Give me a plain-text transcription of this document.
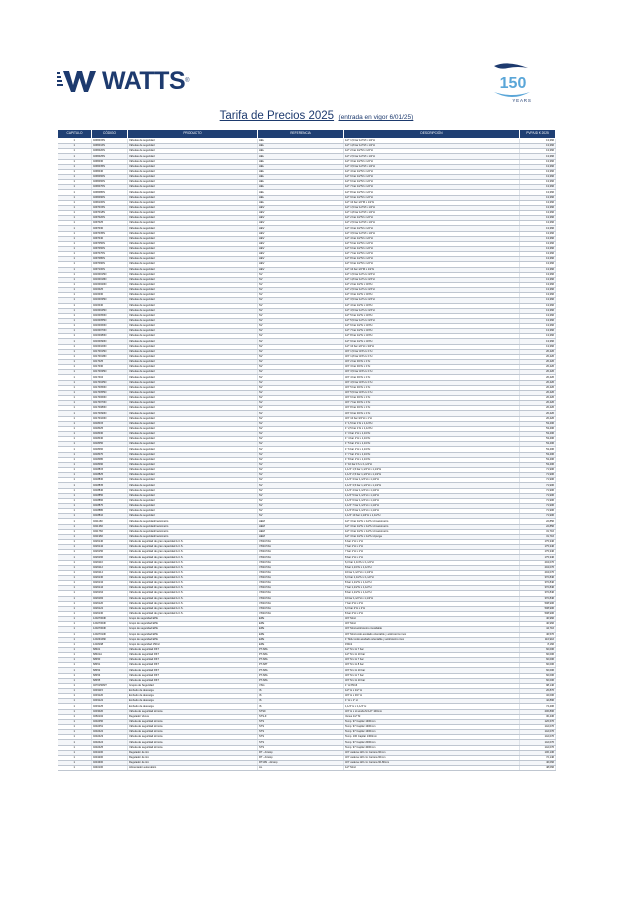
WATTS ®	150
YEARS
Tarifa de Precios 2025 (entrada en vigor 6/01/25)
CAPITULO	CÓDIGO	PRODUCTO	REFERENCIA	DESCRIPCIÓN	PVP/UD € 2025
1	0296015N	Válvulas de seguridad	HEL	1/2" 1,5 bar 1/2"M x 1/2"H	13,36€
1	0296016N	Válvulas de seguridad	HEL	1/2" 1,8 bar 1/2"M x 1/2"H	13,36€
1	0296020N	Válvulas de seguridad	HEL	1/2" 2 bar 1/2"M x 1/2"H	13,36€
1	0296025N	Válvulas de seguridad	HEL	1/2" 2,5 bar 1/2"M x 1/2"H	13,36€
1	0296030	Válvulas de seguridad	HEL	1/2" 3 bar 1/2"M x 1/2"H	13,36€
1	0296035N	Válvulas de seguridad	HEL	1/2" 3,5 bar 1/2"M x 1/2"H	13,36€
1	0296040	Válvulas de seguridad	HEL	1/2" 4 bar 1/2"M x 1/2"H	13,36€
1	0296060N	Válvulas de seguridad	HEL	1/2" 6 bar 1/2"M x 1/2"H	13,36€
1	0296060N	Válvulas de seguridad	HEL	1/2" 6 bar 1/2"M x 1/2"H	13,36€
1	0296070N	Válvulas de seguridad	HEL	1/2" 7 bar 1/2"M x 1/2"H	13,36€
1	0296080N	Válvulas de seguridad	HEL	1/2" 8 bar 1/2"M x 1/2"H	13,36€
1	0296090N	Válvulas de seguridad	HEL	1/2" 9 bar 1/2"M x 1/2"H	13,36€
1	0296100N	Válvulas de seguridad	HEL	1/2" 10 bar 1/2"M x 1/2"H	13,36€
1	0297015N	Válvulas de seguridad	HEV	1/2" 1,5 bar 1/2"M x 1/2"H	13,36€
1	0297018N	Válvulas de seguridad	HEV	1/2" 1,8 bar 1/2"M x 1/2"H	13,36€
1	0297020N	Válvulas de seguridad	HEV	1/2" 2 bar 1/2"M x 1/2"H	13,36€
1	0297025	Válvulas de seguridad	HEV	1/2" 2,5 bar 1/2"M x 1/2"H	13,36€
1	0297030	Válvulas de seguridad	HEV	1/2" 3 bar 1/2"M x 1/2"H	13,36€
1	0297035N	Válvulas de seguridad	HEV	1/2" 3,5 bar 1/2"M x 1/2"H	13,36€
1	0297040	Válvulas de seguridad	HEV	1/2" 4 bar 1/2"M x 1/2"H	13,36€
1	0297050N	Válvulas de seguridad	HEV	1/2" 5 bar 1/2"M x 1/2"H	13,36€
1	0297060N	Válvulas de seguridad	HEV	1/2" 6 bar 1/2"M x 1/2"H	13,36€
1	0297070N	Válvulas de seguridad	HEV	1/2" 7 bar 1/2"M x 1/2"H	13,36€
1	0297080N	Válvulas de seguridad	HEV	1/2" 8 bar 1/2"M x 1/2"H	13,36€
1	0297090N	Válvulas de seguridad	HEV	1/2" 9 bar 1/2"M x 1/2"H	13,36€
1	0297100N	Válvulas de seguridad	HEV	1/2" 10 bar 1/2"M x 1/2"H	13,36€
1	02160015N	Válvulas de seguridad	SV	1/2" 1,5 bar 1/2"H x 3/4"H	13,36€
1	02160018N	Válvulas de seguridad	SV	1/2" 1,8 bar 1/2"H x 3/4"H	13,36€
1	02160020N	Válvulas de seguridad	SV	1/2" 2 bar 1/2"H x 3/4"H	13,36€
1	0216025	Válvulas de seguridad	SV	1/2" 2,5 bar 1/2"H x 3/4"H	13,36€
1	0216030	Válvulas de seguridad	SV	1/2" 3 bar 1/2"H x 3/4"H	13,36€
1	02160035N	Válvulas de seguridad	SV	1/2" 3,5 bar 1/2"H x 3/4"H	13,36€
1	0216040	Válvulas de seguridad	SV	1/2" 4 bar 1/2"H x 3/4"H	13,36€
1	02160045N	Válvulas de seguridad	SV	1/2" 4,5 bar 1/2"H x 3/4"H	13,36€
1	02160050N	Válvulas de seguridad	SV	1/2" 5 bar 1/2"H x 3/4"H	13,36€
1	02160055N	Válvulas de seguridad	SV	1/2" 5,5 bar 1/2"H x 3/4"H	13,36€
1	02160060N	Válvulas de seguridad	SV	1/2" 6 bar 1/2"H x 3/4"H	13,36€
1	02160070N	Válvulas de seguridad	SV	1/2" 7 bar 1/2"H x 3/4"H	13,36€
1	02160080N	Válvulas de seguridad	SV	1/2" 8 bar 1/2"H x 3/4"H	13,36€
1	02160090N	Válvulas de seguridad	SV	1/2" 9 bar 1/2"H x 3/4"H	13,36€
1	02160100N	Válvulas de seguridad	SV	1/2" 10 bar 1/2"H x 3/4"H	13,36€
1	02170015N	Válvulas de seguridad	SV	3/4" 1,5 bar 3/4"H x 1"H	26,42€
1	02170018N	Válvulas de seguridad	SV	3/4" 1,8 bar 3/4"H x 1"H	26,42€
1	0217025	Válvulas de seguridad	SV	3/4" 2 bar 3/4"H x 1"H	26,42€
1	0217030	Válvulas de seguridad	SV	3/4" 3 bar 3/4"H x 1"H	26,42€
1	02170035N	Válvulas de seguridad	SV	3/4" 3,5 bar 3/4"H x 1"H	26,42€
1	0217404	Válvulas de seguridad	SV	3/4" 4 bar 3/4"H x 1"H	26,42€
1	02170045N	Válvulas de seguridad	SV	3/4" 4,5 bar 3/4"H x 1"H	26,42€
1	02170050N	Válvulas de seguridad	SV	3/4" 5 bar 3/4"H x 1"H	26,42€
1	02170055N	Válvulas de seguridad	SV	3/4" 5,5 bar 3/4"H x 1"H	26,42€
1	02170060N	Válvulas de seguridad	SV	3/4" 6 bar 3/4"H x 1"H	26,42€
1	02170070N	Válvulas de seguridad	SV	3/4" 7 bar 3/4"H x 1"H	26,42€
1	02170080N	Válvulas de seguridad	SV	3/4" 8 bar 3/4"H x 1"H	26,42€
1	02170090N	Válvulas de seguridad	SV	3/4" 9 bar 3/4"H x 1"H	26,42€
1	02170100N	Válvulas de seguridad	SV	3/4" 10 bar 3/4"H x 1"H	26,42€
1	0218015	Válvulas de seguridad	SV	1" 1,5 bar 1"H x 1,1/4"H	53,40€
1	0218025	Válvulas de seguridad	SV	1" 2,5 bar 1"H x 1,1/4"H	53,40€
1	0218030	Válvulas de seguridad	SV	1" 3 bar 1"H x 1,1/4"H	53,40€
1	0218040	Válvulas de seguridad	SV	1" 4 bar 1"H x 1,1/4"H	53,40€
1	0218050	Válvulas de seguridad	SV	1" 5 bar 1"H x 1,1/4"H	53,40€
1	0218060	Válvulas de seguridad	SV	1" 6 bar 1"H x 1,1/4"H	53,40€
1	0218070	Válvulas de seguridad	SV	1" 7 bar 1"H x 1,1/4"H	53,40€
1	0218080	Válvulas de seguridad	SV	1" 8 bar 1"H x 1,1/4"H	53,40€
1	0218090	Válvulas de seguridad	SV	1" 10 bar 1"H x 1,1/4"H	53,40€
1	0218815	Válvulas de seguridad	SV	1,1/4" 1,5 bar 1,1/4"H x 1,1/2"H	71,90€
1	0218825	Válvulas de seguridad	SV	1,1/4" 2,5 bar 1,1/4"H x 1,1/2"H	71,90€
1	0218830	Válvulas de seguridad	SV	1,1/4" 3 bar 1,1/4"H x 1,1/2"H	71,90€
1	0218835	Válvulas de seguridad	SV	1,1/4" 3,5 bar 1,1/4"H x 1,1/2"H	71,90€
1	0218840	Válvulas de seguridad	SV	1,1/4" 4 bar 1,1/4"H x 1,1/2"H	71,90€
1	0218850	Válvulas de seguridad	SV	1,1/4" 5 bar 1,1/4"H x 1,1/2"H	71,90€
1	0218860	Válvulas de seguridad	SV	1,1/4" 6 bar 1,1/4"H x 1,1/2"H	71,90€
1	0218870	Válvulas de seguridad	SV	1,1/4" 7 bar 1,1/4"H x 1,1/2"H	71,90€
1	0218880	Válvulas de seguridad	SV	1,1/4" 8 bar 1,1/4"H x 1,1/2"H	71,90€
1	0218810	Válvulas de seguridad	SV	1,1/4" 10 bar 1,1/4"H x 1,1/2"H	71,90€
1	0211160	Válvulas de seguridad/manómetro	HEM	1/2" 3 bar 1/2"H x 1/2"H c/manómetro	22,85€
1	0211360	Válvulas de seguridad/manómetro	HEM	1/2" 3 bar 1/2"H x 1/2"H c/manómetro	22,85€
1	0211760	Válvulas de seguridad/manómetro	HEM	1/2" 3 bar 1/2"H x 1/2"H c/manómetro	31,71€
1	0211960	Válvulas de seguridad/manómetro	HEM	1/2" 3 bar 1/2"H x 1/2"H c/purga	31,71€
1	0226140	Válvula de seguridad de gran capacidad A.C.S.	VSSCTAA	6 bar 1"H x 1"H	175,34€
1	0226142	Válvula de seguridad de gran capacidad A.C.S.	VSSCTAA	7 bar 1"H x 1"H	175,34€
1	0226150	Válvula de seguridad de gran capacidad A.C.S.	VSSCTAA	7 bar 1"H x 1"H	175,34€
1	0226160	Válvula de seguridad de gran capacidad A.C.S.	VSSCTAA	8 bar 1"H x 1"H	175,34€
1	0226110	Válvula de seguridad de gran capacidad A.C.S.	VSSCTAA	6,3 bar 1,1/4"H x 1,1/4"H	204,07€
1	0226112	Válvula de seguridad de gran capacidad A.C.S.	VSSCTAA	8 bar 1,1/4"H x 1,1/4"H	204,07€
1	0226114	Válvula de seguridad de gran capacidad A.C.S.	VSSCTAA	10 bar 1,1/2"H x 1,1/2"H	204,07€
1	0226130	Válvula de seguridad de gran capacidad A.C.S.	VSSCTAA	6,3 bar 1,1/2"H x 1,1/2"H	370,84€
1	0226134	Válvula de seguridad de gran capacidad A.C.S.	VSSCTAA	8 bar 1,1/2"H x 1,1/2"H	370,84€
1	0226144	Válvula de seguridad de gran capacidad A.C.S.	VSSCTAA	7 bar 1,1/2"H x 1,1/2"H	370,84€
1	0226164	Válvula de seguridad de gran capacidad A.C.S.	VSSCTAA	8 bar 1,1/2"H x 1,1/2"H	370,84€
1	0226184	Válvula de seguridad de gran capacidad A.C.S.	VSSCTAA	10 bar 1,1/2"H x 1,1/2"H	370,84€
1	0226120	Válvula de seguridad de gran capacidad A.C.S.	VSSCTAA	7 bar 2"H x 2"H	508,90€
1	0226122	Válvula de seguridad de gran capacidad A.C.S.	VSSCTAA	6,3 bar 2"H x 2"H	508,90€
1	0226130	Válvula de seguridad de gran capacidad A.C.S.	VSSCTAA	8 bar 2"H x 2"H	508,90€
1	12027003F	Grupo de seguridad EPE	EPE	3/4" MxH	40,96€
1	12027003F	Grupo de seguridad EPE	EPE	3/4" MxH	40,96€
1	12027003F	Grupo de seguridad EPE	EPE	3/4" MxH antirretorno inoxidable	44,71€
1	12027013F	Grupo de seguridad EPE	EPE	3/4" MxH codo acodado orientable y antirretorno inox	46,57€
1	12023166F	Grupo de seguridad EPE	EPE	1" MxH codo acodado orientable y antirretorno inox	116,91€
1	1218198	Grupo de seguridad 150ml	EPE	150ml	8,16€
1	68401	Válvula de seguridad P&T	PT-68A	1/2" M x H 7 bar	60,00€
1	68401A	Válvula de seguridad P&T	PT-68A	1/2" M x H 10 bar	60,00€
1	68450	Válvula de seguridad P&T	PT-68A	3/4" M x H 7 bar	60,00€
1	68451	Válvula de seguridad P&T	PT-68T	3/4" M x H 8 bar	60,00€
1	68452	Válvula de seguridad P&T	PT-68A	3/4" M x H 10 bar	60,00€
1	68453	Válvula de seguridad P&T	PT-68A	3/4" M x H 7 bar	60,00€
1	68455	Válvula de seguridad P&T	PT-68A	3/4" M x H 10 bar	60,00€
1	0270150MT	Grupos de Seguridad	VSG	1" H PN16	98,14€
1	0233115	Embudo de descarga	IS	1/2" H x 1/2" H	26,87€
1	0233120	Embudo de descarga	IS	3/4" H x 3/4" H	32,00€
1	0233122	Embudo de descarga	IS	1" H x 1" H	42,89€
1	0233125	Embudo de descarga	IS	1,1/4" H x 1,1/4" H	74,40€
1	0233020	Válvula de seguridad térmica	STS9	3/4" H x H sonda M 1/2" 100mm	206,80€
1	0260102	Regulador Venus	STS-9	Venus 1/2" M	30,43€
1	0232450	Válvula de seguridad térmica	STS	Temp. 97 Capilar 1300mm	126,67€
1	0232451	Válvula de seguridad térmica	STS	Temp. 97 Capilar 1300mm	142,07€
1	0232422	Válvula de seguridad térmica	STS	Temp. 97 Capilar 1300mm	142,07€
1	0232423	Válvula de seguridad térmica	STS	Temp. 100 Capilar 1300mm	142,07€
1	0232424	Válvula de seguridad térmica	STS	Temp. 97 Capilar 2000mm	142,07€
1	0232425	Válvula de seguridad térmica	STS	Temp. 97 Capilar 4000mm	142,07€
1	0234100	Regulador de tiro	RT - Airstop	3/4" cadena 120 cm Carrera 60mm	106,13€
1	0234200	Regulador de tiro	RT - Airstop	3/4" cadena 120 cm Carrera 60mm	72,14€
1	0234300	Regulador de tiro	RT10N - Airstop	3/4" cadena 120 cm Carrera 60-80mm	46,06€
1	0240100	Alimentador automático	AL	1/2" MxH	48,06€
